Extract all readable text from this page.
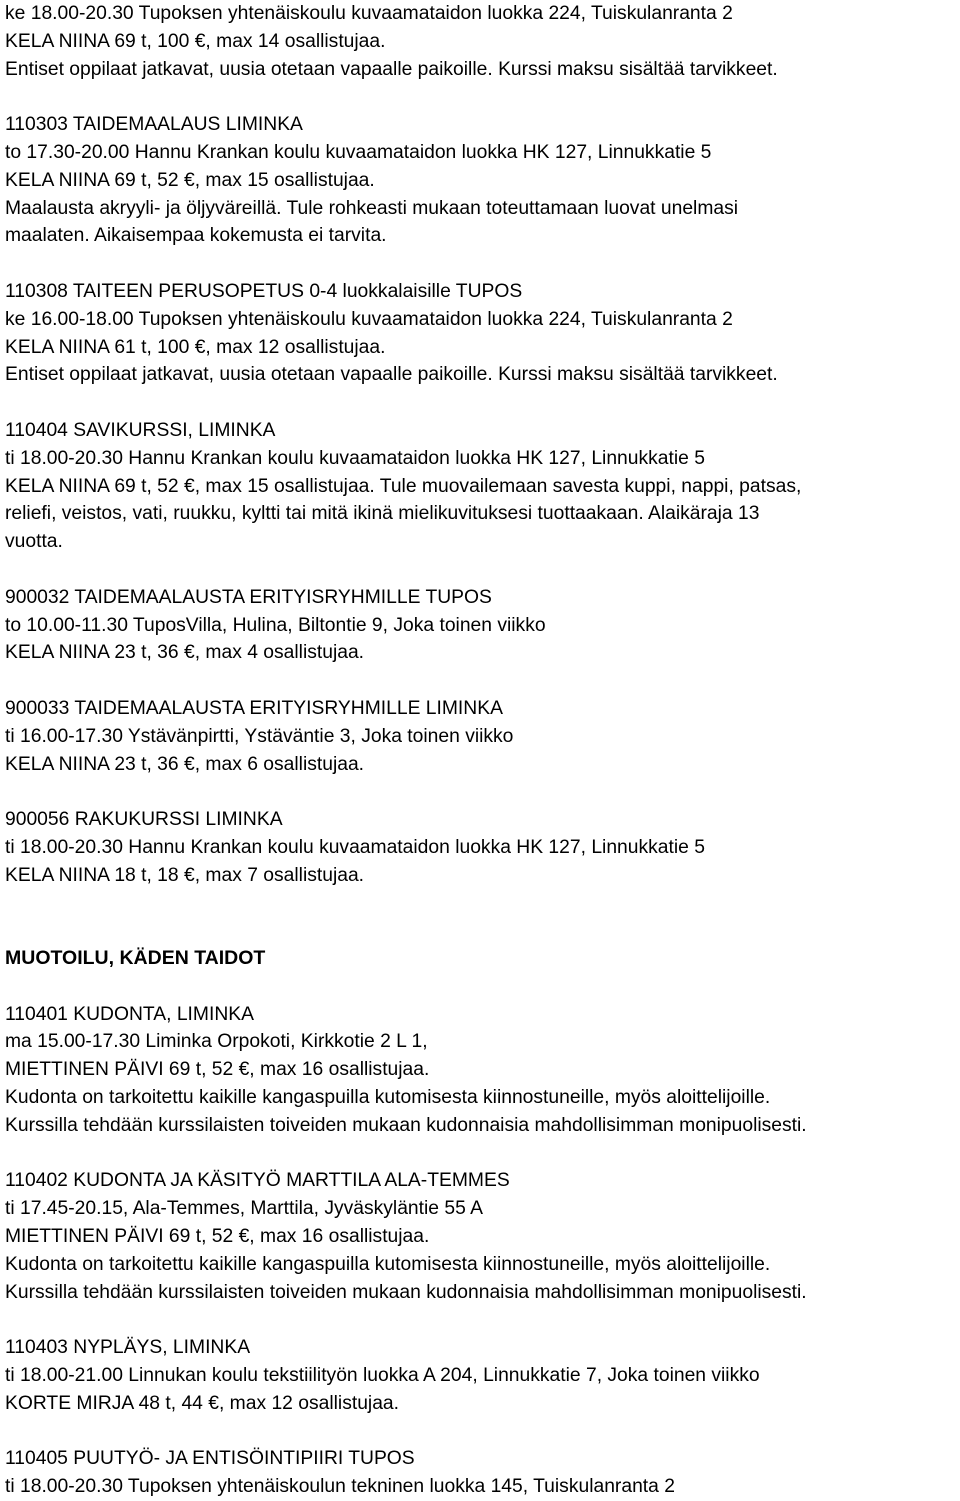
ke 18.00-20.30 Tupoksen yhtenäiskoulu kuvaamataidon luokka 224, Tuiskulanranta 2
KELA NIINA 69 t, 100 €, max 14 osallistujaa.
Entiset oppilaat jatkavat, uusia otetaan vapaalle paikoille. Kurssi maksu sisältää tarvikkeet.
110303 TAIDEMAALAUS LIMINKA
to 17.30-20.00 Hannu Krankan koulu kuvaamataidon luokka HK 127, Linnukkatie 5
KELA NIINA 69 t, 52 €, max 15 osallistujaa.
Maalausta akryyli- ja öljyväreillä. Tule rohkeasti mukaan toteuttamaan luovat unelmasi
maalaten. Aikaisempaa kokemusta ei tarvita.
110308 TAITEEN PERUSOPETUS 0-4 luokkalaisille TUPOS
ke 16.00-18.00 Tupoksen yhtenäiskoulu kuvaamataidon luokka 224, Tuiskulanranta 2
KELA NIINA 61 t, 100 €, max 12 osallistujaa.
Entiset oppilaat jatkavat, uusia otetaan vapaalle paikoille. Kurssi maksu sisältää tarvikkeet.
110404 SAVIKURSSI, LIMINKA
ti 18.00-20.30 Hannu Krankan koulu kuvaamataidon luokka HK 127, Linnukkatie 5
KELA NIINA 69 t, 52 €, max 15 osallistujaa. Tule muovailemaan savesta kuppi, nappi, patsas,
reliefi, veistos, vati, ruukku, kyltti tai mitä ikinä mielikuvituksesi tuottaakaan. Alaikäraja 13
vuotta.
900032 TAIDEMAALAUSTA ERITYISRYHMILLE TUPOS
to 10.00-11.30 TuposVilla, Hulina, Biltontie 9, Joka toinen viikko
KELA NIINA 23 t, 36 €, max 4 osallistujaa.
900033 TAIDEMAALAUSTA ERITYISRYHMILLE LIMINKA
ti 16.00-17.30 Ystävänpirtti, Ystäväntie 3, Joka toinen viikko
KELA NIINA 23 t, 36 €, max 6 osallistujaa.
900056 RAKUKURSSI LIMINKA
ti 18.00-20.30 Hannu Krankan koulu kuvaamataidon luokka HK 127, Linnukkatie 5
KELA NIINA 18 t, 18 €, max 7 osallistujaa.
MUOTOILU, KÄDEN TAIDOT
110401 KUDONTA, LIMINKA
ma 15.00-17.30 Liminka Orpokoti, Kirkkotie 2 L 1,
MIETTINEN PÄIVI 69 t, 52 €, max 16 osallistujaa.
Kudonta on tarkoitettu kaikille kangaspuilla kutomisesta kiinnostuneille, myös aloittelijoille.
Kurssilla tehdään kurssilaisten toiveiden mukaan kudonnaisia mahdollisimman monipuolisesti.
110402 KUDONTA JA KÄSITYÖ MARTTILA ALA-TEMMES
ti 17.45-20.15, Ala-Temmes, Marttila, Jyväskyläntie 55 A
MIETTINEN PÄIVI 69 t, 52 €, max 16 osallistujaa.
Kudonta on tarkoitettu kaikille kangaspuilla kutomisesta kiinnostuneille, myös aloittelijoille.
Kurssilla tehdään kurssilaisten toiveiden mukaan kudonnaisia mahdollisimman monipuolisesti.
110403 NYPLÄYS, LIMINKA
ti 18.00-21.00 Linnukan koulu tekstiilityön luokka A 204, Linnukkatie 7, Joka toinen viikko
KORTE MIRJA 48 t, 44 €, max 12 osallistujaa.
110405 PUUTYÖ- JA ENTISÖINTIPIIRI TUPOS
ti 18.00-20.30 Tupoksen yhtenäiskoulun tekninen luokka 145, Tuiskulanranta 2
